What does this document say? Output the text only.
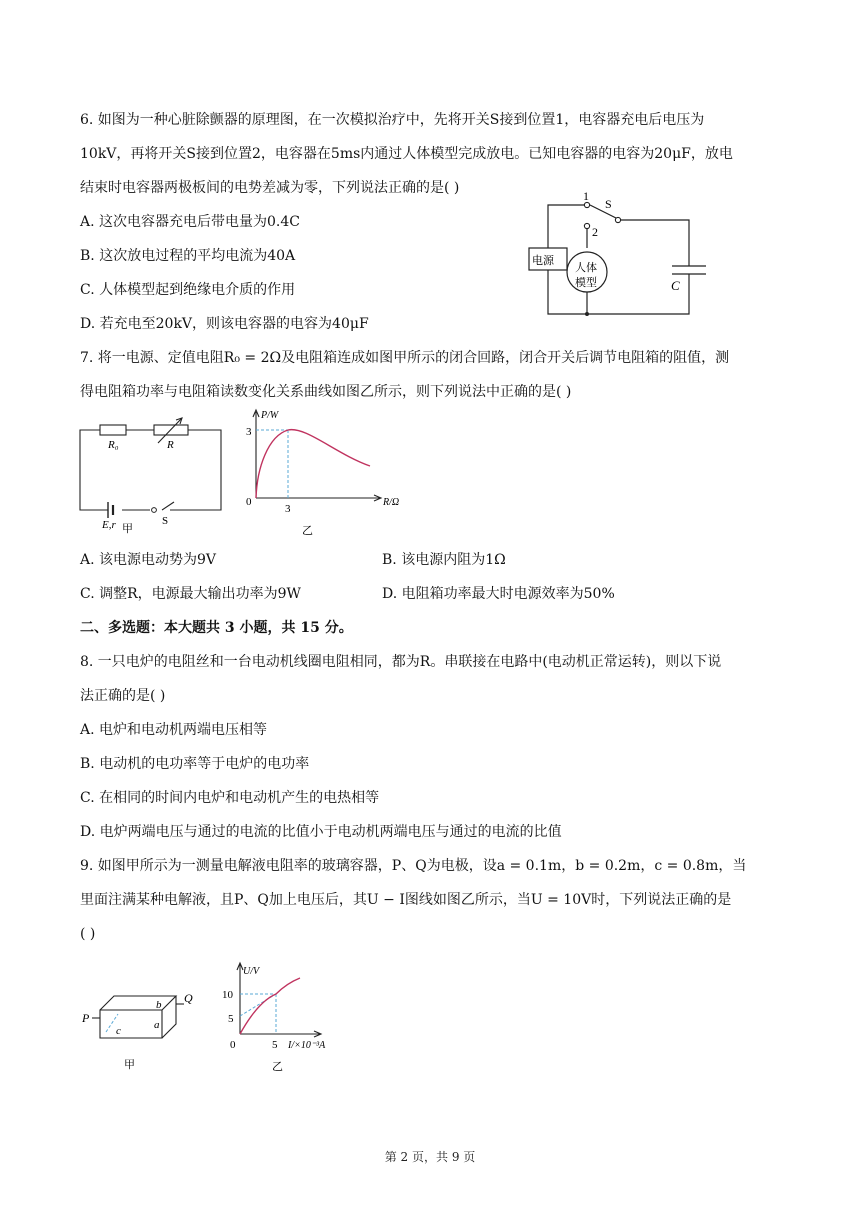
6. 如图为一种心脏除颤器的原理图，在一次模拟治疗中，先将开关S接到位置1，电容器充电后电压为
10kV，再将开关S接到位置2，电容器在5ms内通过人体模型完成放电。已知电容器的电容为20μF，放电
结束时电容器两极板间的电势差减为零，下列说法正确的是( )
A. 这次电容器充电后带电量为0.4C
B. 这次放电过程的平均电流为40A
C. 人体模型起到绝缘电介质的作用
D. 若充电至20kV，则该电容器的电容为40μF
1
2
S
电源
人体
模型	C
7. 将一电源、定值电阻R₀ = 2Ω及电阻箱连成如图甲所示的闭合回路，闭合开关后调节电阻箱的阻值，测
得电阻箱功率与电阻箱读数变化关系曲线如图乙所示，则下列说法中正确的是( )
R₀	R
E,r 甲
S
P/W
R/Ω
3
3
0
乙
A. 该电源电动势为9V	B. 该电源内阻为1Ω
C. 调整R，电源最大输出功率为9W	D. 电阻箱功率最大时电源效率为50%
二、多选题：本大题共 3 小题，共 15 分。
8. 一只电炉的电阻丝和一台电动机线圈电阻相同，都为R。串联接在电路中(电动机正常运转)，则以下说
法正确的是( )
A. 电炉和电动机两端电压相等
B. 电动机的电功率等于电炉的电功率
C. 在相同的时间内电炉和电动机产生的电热相等
D. 电炉两端电压与通过的电流的比值小于电动机两端电压与通过的电流的比值
9. 如图甲所示为一测量电解液电阻率的玻璃容器，P、Q为电极，设a = 0.1m，b = 0.2m，c = 0.8m，当
里面注满某种电解液，且P、Q加上电压后，其U − I图线如图乙所示，当U = 10V时，下列说法正确的是
( )
P
Q
a
b
c
甲
U/V
I/×10⁻³A
10
5
5
0
乙
第 2 页，共 9 页
